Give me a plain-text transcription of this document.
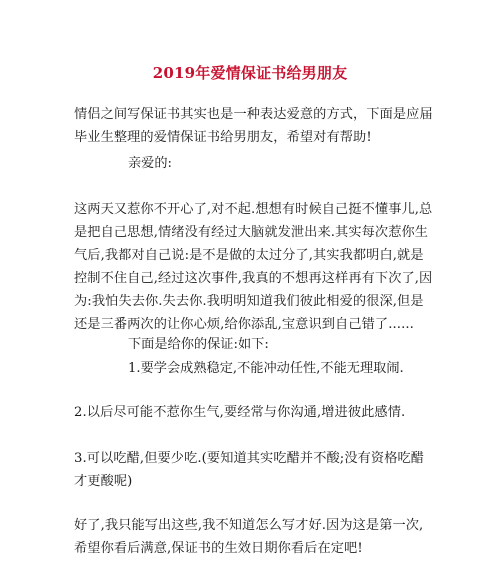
2019年爱情保证书给男朋友

情侣之间写保证书其实也是一种表达爱意的方式，下面是应届毕业生整理的爱情保证书给男朋友，希望对有帮助!

亲爱的:

这两天又惹你不开心了,对不起.想想有时候自己挺不懂事儿,总是把自己思想,情绪没有经过大脑就发泄出来.其实每次惹你生气后,我都对自己说:是不是做的太过分了,其实我都明白,就是控制不住自己,经过这次事件,我真的不想再这样再有下次了,因为:我怕失去你.失去你.我明明知道我们彼此相爱的很深,但是还是三番两次的让你心烦,给你添乱,宝意识到自己错了......

下面是给你的保证:如下:

1.要学会成熟稳定,不能冲动任性,不能无理取闹.

2.以后尽可能不惹你生气,要经常与你沟通,增进彼此感情.

3.可以吃醋,但要少吃.(要知道其实吃醋并不酸;没有资格吃醋才更酸呢)

好了,我只能写出这些,我不知道怎么写才好.因为这是第一次,希望你看后满意,保证书的生效日期你看后在定吧!
